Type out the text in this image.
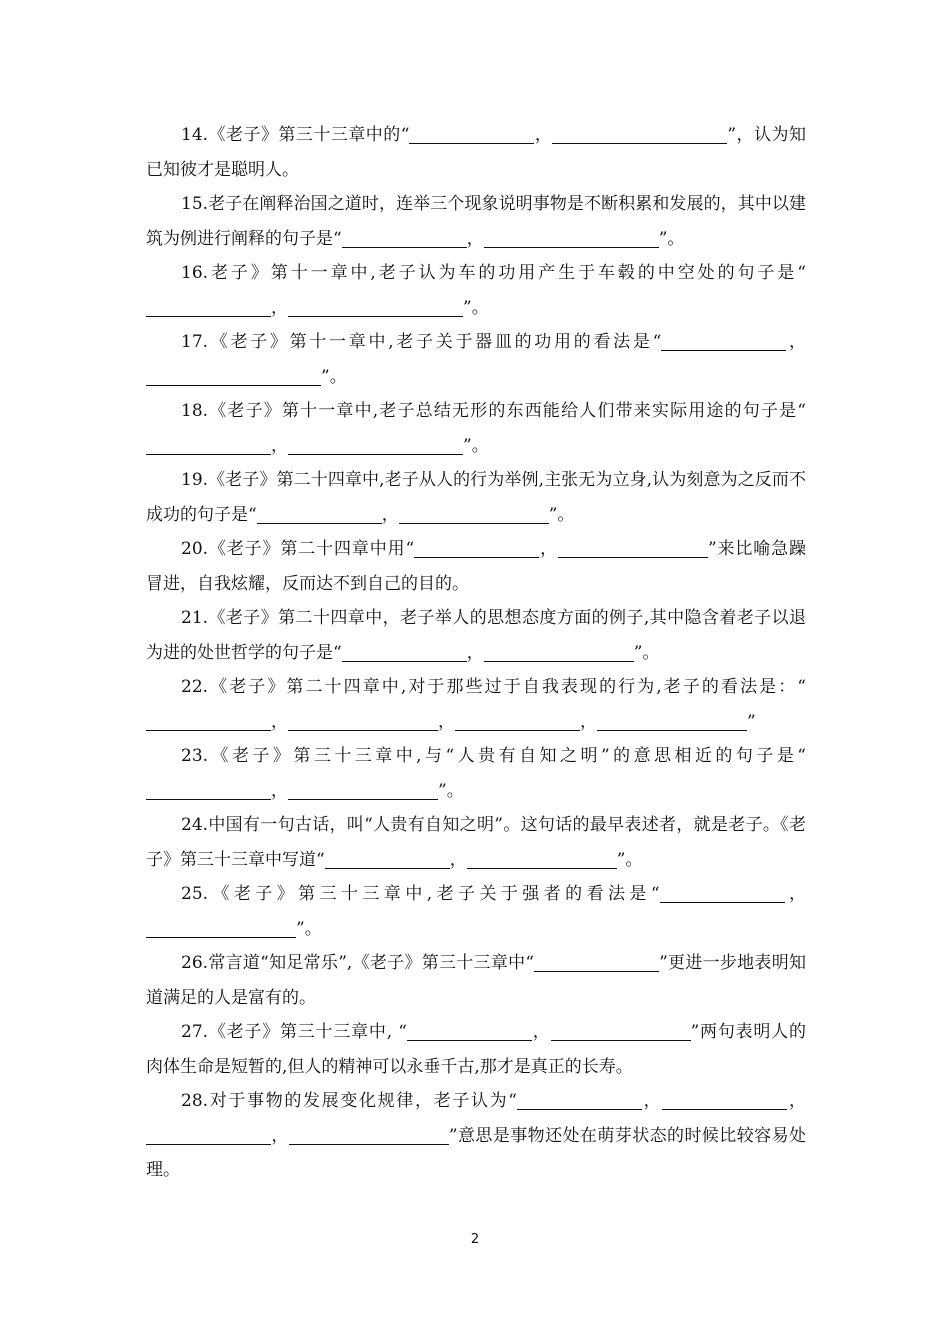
14.《老子》第三十三章中的“	，	”，认为知已知彼才是聪明人。

15.老子在阐释治国之道时，连举三个现象说明事物是不断积累和发展的，其中以建筑为例进行阐释的句子是“	，	”。

16.老子》第十一章中,老子认为车的功用产生于车毂的中空处的句子是“，	”。

17.《老子》第十一章中,老子关于器皿的功用的看法是“	，”。

18.《老子》第十一章中,老子总结无形的东西能给人们带来实际用途的句子是“，	”。

19.《老子》第二十四章中,老子从人的行为举例,主张无为立身,认为刻意为之反而不成功的句子是“	，	”。

20.《老子》第二十四章中用“	，	”来比喻急躁冒进，自我炫耀，反而达不到自己的目的。

21.《老子》第二十四章中，老子举人的思想态度方面的例子,其中隐含着老子以退为进的处世哲学的句子是“	，	”。

22.《老子》第二十四章中,对于那些过于自我表现的行为,老子的看法是：“，	，	，	”

23.《老子》第三十三章中,与“人贵有自知之明”的意思相近的句子是“，	”。

24.中国有一句古话，叫“人贵有自知之明”。这句话的最早表述者，就是老子。《老子》第三十三章中写道“	，	”。

25.《老子》第三十三章中,老子关于强者的看法是“	，”。

26.常言道“知足常乐”,《老子》第三十三章中“	”更进一步地表明知道满足的人是富有的。

27.《老子》第三十三章中, “	，	”两句表明人的肉体生命是短暂的,但人的精神可以永垂千古,那才是真正的长寿。

28.对于事物的发展变化规律，老子认为“	，	，，	”意思是事物还处在萌芽状态的时候比较容易处理。

2
